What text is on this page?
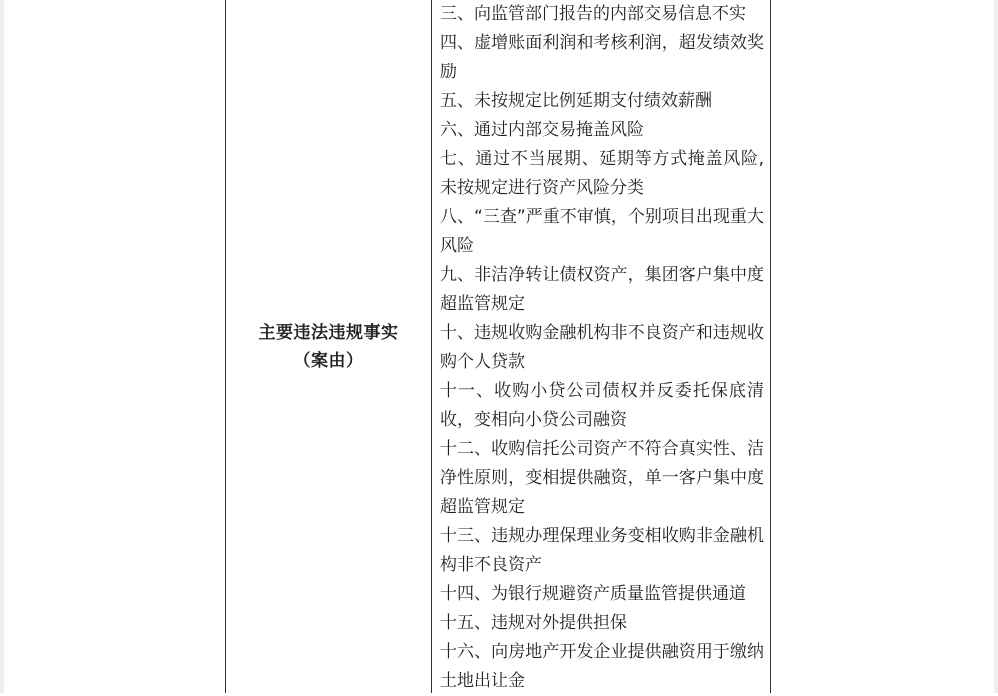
主要违法违规事实
（案由）

三、向监管部门报告的内部交易信息不实

四、虚增账面利润和考核利润，超发绩效奖励

五、未按规定比例延期支付绩效薪酬

六、通过内部交易掩盖风险

七、通过不当展期、延期等方式掩盖风险,未按规定进行资产风险分类

八、“三查”严重不审慎，个别项目出现重大风险

九、非洁净转让债权资产，集团客户集中度超监管规定

十、违规收购金融机构非不良资产和违规收购个人贷款

十一、收购小贷公司债权并反委托保底清收，变相向小贷公司融资

十二、收购信托公司资产不符合真实性、洁净性原则，变相提供融资，单一客户集中度超监管规定

十三、违规办理保理业务变相收购非金融机构非不良资产

十四、为银行规避资产质量监管提供通道

十五、违规对外提供担保

十六、向房地产开发企业提供融资用于缴纳土地出让金
